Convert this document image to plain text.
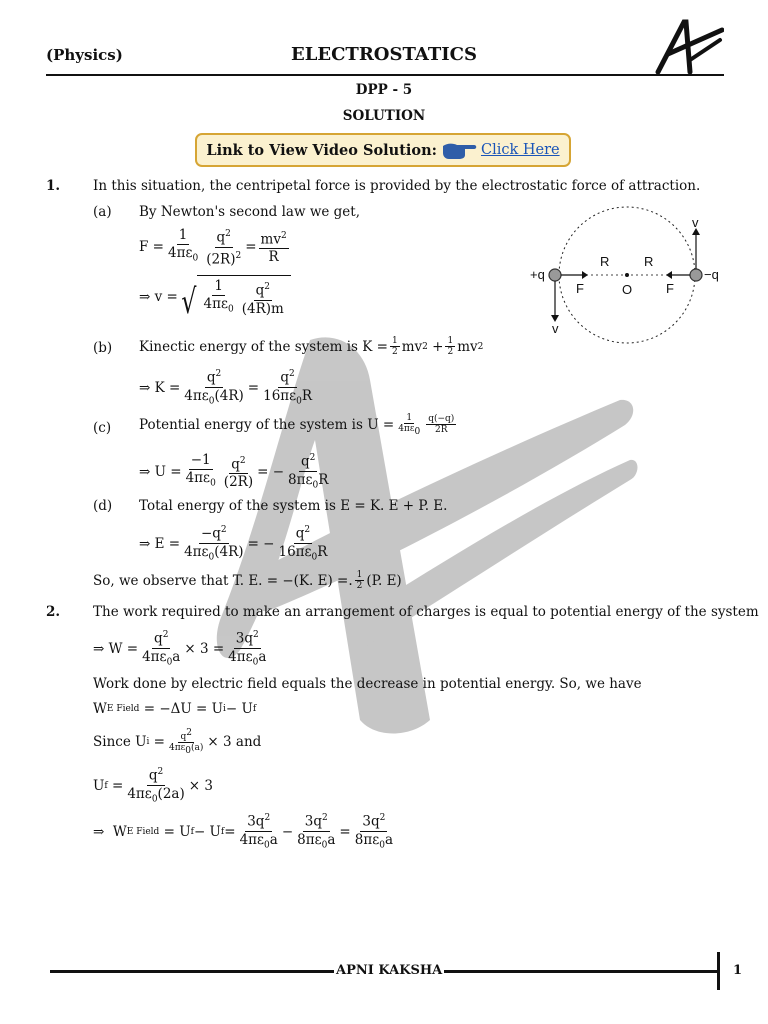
(Physics)	ELECTROSTATICS
DPP - 5
SOLUTION
Link to View Video Solution:	Click Here
1. In this situation, the centripetal force is provided by the electrostatic force of attraction.
(a) By Newton's second law we get,
$F = \frac{1}{4\pi\varepsilon_0} \frac{q^2}{(2R)^2} = \frac{mv^2}{R}$
⇒ v = √ $\frac{1}{4\pi\varepsilon_0} \frac{q^2}{(4R)m}$
(b) Kinectic energy of the system is $K = \frac{1}{2}$ mv $2 + \frac{1}{2}$ mv 2
⇒ $K = \frac{q^2}{4\pi\varepsilon_0(4R)} = \frac{q^2}{16\pi\varepsilon_0R}$
(c) Potential energy of the system is $U = \frac{1}{4\pi\varepsilon_0} \frac{q(-q)}{2R}$
⇒ $U = \frac{-1}{4\pi\varepsilon_0} \frac{q^2}{(2R)}$ = − $\frac{q^2}{8\pi\varepsilon_0R}$
(d) Total energy of the system is E = K. E + P. E.
⇒ $E = \frac{-q^2}{4\pi\varepsilon_0(4R)}$ = − $\frac{q^2}{16\pi\varepsilon_0R}$
So, we observe that T. E. = −(K. E) =. $\frac{1}{2} (P$. E)
v
v
+q	−q
R	R
F	F
O
2. The work required to make an arrangement of charges is equal to potential energy of the system
⇒ $W = \frac{q^2}{4\pi\varepsilon_0a} \times 3 = \frac{3q^2}{4\pi\varepsilon_0a}$
Work done by electric field equals the decrease in potential energy. So, we have
W E Field = −ΔU = U i − U f
Since U $i = \frac{q^2}{4\pi\varepsilon_0(a)} \times 3$ and
U $f = \frac{q^2}{4\pi\varepsilon_0(2a)} \times 3$
⇒  W E Field = U f − U $f = \frac{3q^2}{4\pi\varepsilon_0a} - \frac{3q^2}{8\pi\varepsilon_0a} = \frac{3q^2}{8\pi\varepsilon_0a}$
APNI KAKSHA	1
